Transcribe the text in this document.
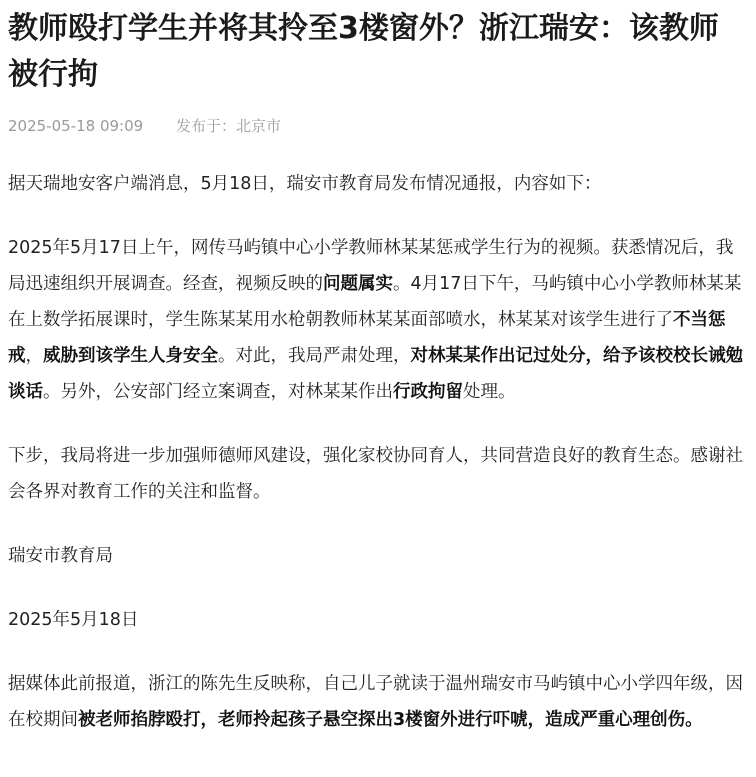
教师殴打学生并将其拎至3楼窗外？浙江瑞安：该教师被行拘
2025-05-18 09:09 发布于：北京市

据天瑞地安客户端消息，5月18日，瑞安市教育局发布情况通报，内容如下：

2025年5月17日上午，网传马屿镇中心小学教师林某某惩戒学生行为的视频。获悉情况后，我局迅速组织开展调查。经查，视频反映的问题属实。4月17日下午，马屿镇中心小学教师林某某在上数学拓展课时，学生陈某某用水枪朝教师林某某面部喷水，林某某对该学生进行了不当惩戒，威胁到该学生人身安全。对此，我局严肃处理，对林某某作出记过处分，给予该校校长诫勉谈话。另外，公安部门经立案调查，对林某某作出行政拘留处理。

下步，我局将进一步加强师德师风建设，强化家校协同育人，共同营造良好的教育生态。感谢社会各界对教育工作的关注和监督。

瑞安市教育局

2025年5月18日

据媒体此前报道，浙江的陈先生反映称，自己儿子就读于温州瑞安市马屿镇中心小学四年级，因在校期间被老师掐脖殴打，老师拎起孩子悬空探出3楼窗外进行吓唬，造成严重心理创伤。
